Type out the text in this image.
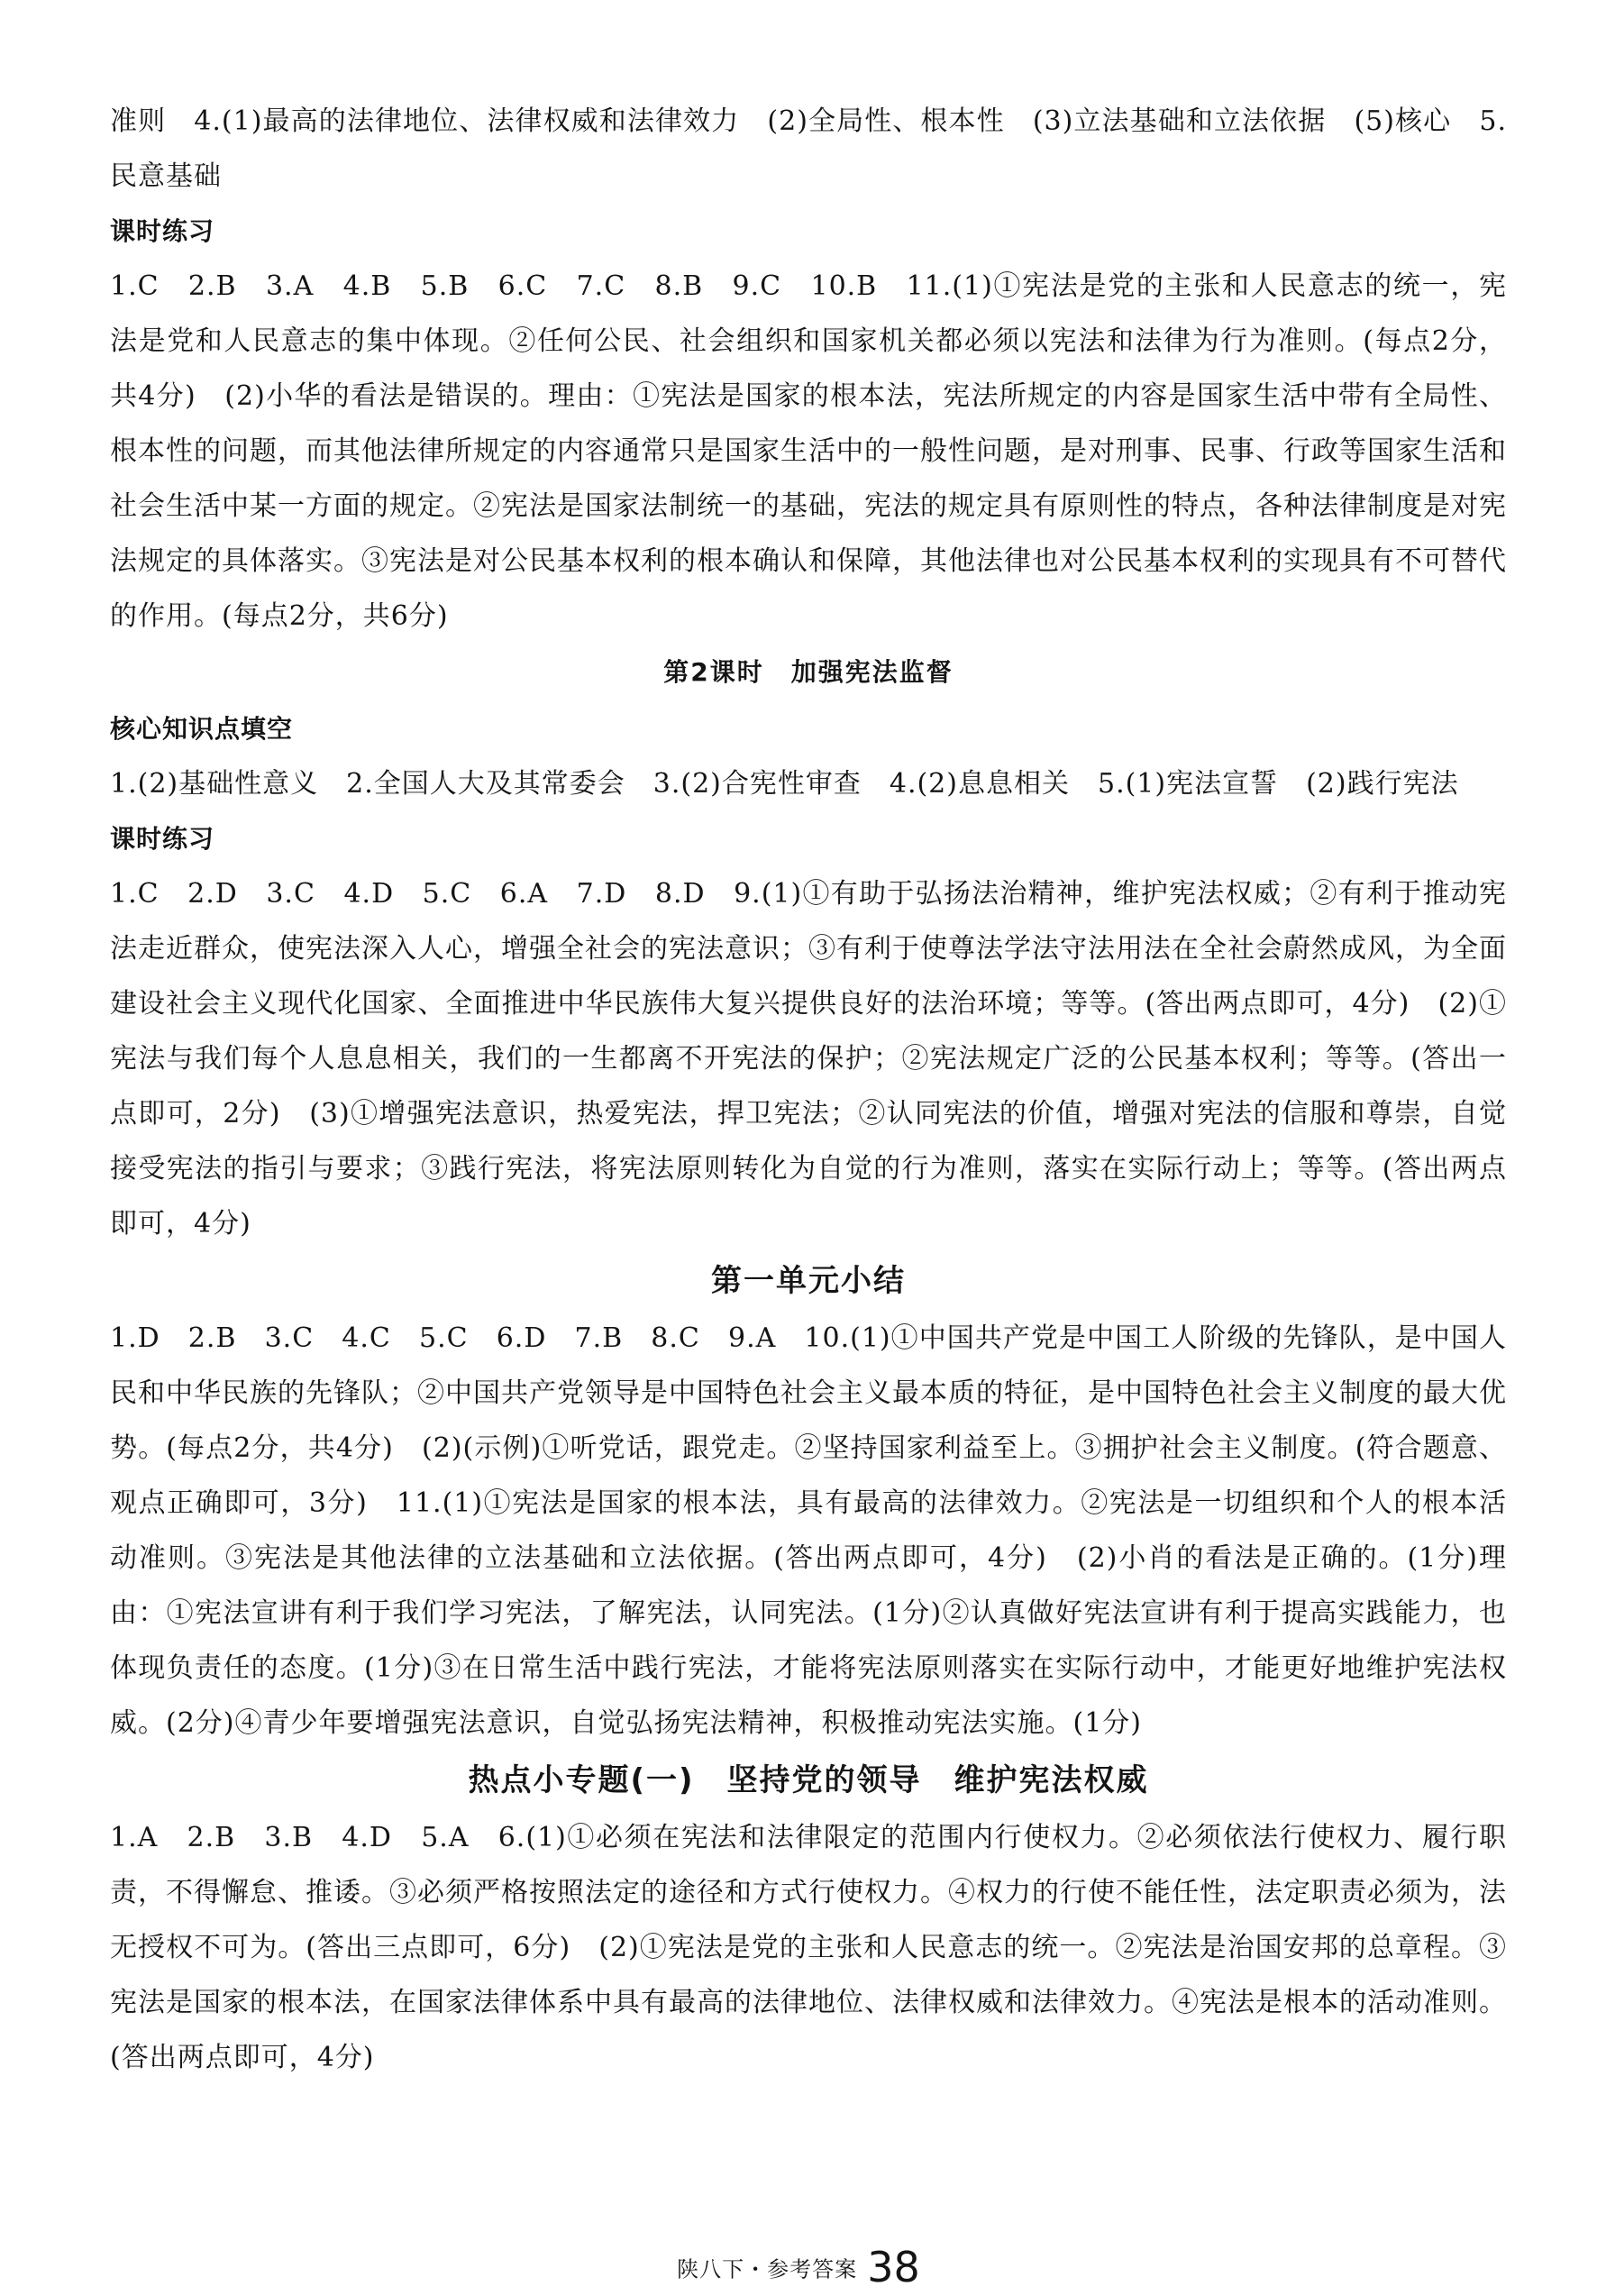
准则　4.(1)最高的法律地位、法律权威和法律效力　(2)全局性、根本性　(3)立法基础和立法依据　(5)核心　5.民意基础

课时练习

1.C　2.B　3.A　4.B　5.B　6.C　7.C　8.B　9.C　10.B　11.(1)①宪法是党的主张和人民意志的统一，宪法是党和人民意志的集中体现。②任何公民、社会组织和国家机关都必须以宪法和法律为行为准则。(每点2分，共4分)　(2)小华的看法是错误的。理由：①宪法是国家的根本法，宪法所规定的内容是国家生活中带有全局性、根本性的问题，而其他法律所规定的内容通常只是国家生活中的一般性问题，是对刑事、民事、行政等国家生活和社会生活中某一方面的规定。②宪法是国家法制统一的基础，宪法的规定具有原则性的特点，各种法律制度是对宪法规定的具体落实。③宪法是对公民基本权利的根本确认和保障，其他法律也对公民基本权利的实现具有不可替代的作用。(每点2分，共6分)

第2课时　加强宪法监督

核心知识点填空

1.(2)基础性意义　2.全国人大及其常委会　3.(2)合宪性审查　4.(2)息息相关　5.(1)宪法宣誓　(2)践行宪法

课时练习

1.C　2.D　3.C　4.D　5.C　6.A　7.D　8.D　9.(1)①有助于弘扬法治精神，维护宪法权威；②有利于推动宪法走近群众，使宪法深入人心，增强全社会的宪法意识；③有利于使尊法学法守法用法在全社会蔚然成风，为全面建设社会主义现代化国家、全面推进中华民族伟大复兴提供良好的法治环境；等等。(答出两点即可，4分)　(2)①宪法与我们每个人息息相关，我们的一生都离不开宪法的保护；②宪法规定广泛的公民基本权利；等等。(答出一点即可，2分)　(3)①增强宪法意识，热爱宪法，捍卫宪法；②认同宪法的价值，增强对宪法的信服和尊崇，自觉接受宪法的指引与要求；③践行宪法，将宪法原则转化为自觉的行为准则，落实在实际行动上；等等。(答出两点即可，4分)

第一单元小结

1.D　2.B　3.C　4.C　5.C　6.D　7.B　8.C　9.A　10.(1)①中国共产党是中国工人阶级的先锋队，是中国人民和中华民族的先锋队；②中国共产党领导是中国特色社会主义最本质的特征，是中国特色社会主义制度的最大优势。(每点2分，共4分)　(2)(示例)①听党话，跟党走。②坚持国家利益至上。③拥护社会主义制度。(符合题意、观点正确即可，3分)　11.(1)①宪法是国家的根本法，具有最高的法律效力。②宪法是一切组织和个人的根本活动准则。③宪法是其他法律的立法基础和立法依据。(答出两点即可，4分)　(2)小肖的看法是正确的。(1分)理由：①宪法宣讲有利于我们学习宪法，了解宪法，认同宪法。(1分)②认真做好宪法宣讲有利于提高实践能力，也体现负责任的态度。(1分)③在日常生活中践行宪法，才能将宪法原则落实在实际行动中，才能更好地维护宪法权威。(2分)④青少年要增强宪法意识，自觉弘扬宪法精神，积极推动宪法实施。(1分)

热点小专题(一)　坚持党的领导　维护宪法权威

1.A　2.B　3.B　4.D　5.A　6.(1)①必须在宪法和法律限定的范围内行使权力。②必须依法行使权力、履行职责，不得懈怠、推诿。③必须严格按照法定的途径和方式行使权力。④权力的行使不能任性，法定职责必须为，法无授权不可为。(答出三点即可，6分)　(2)①宪法是党的主张和人民意志的统一。②宪法是治国安邦的总章程。③宪法是国家的根本法，在国家法律体系中具有最高的法律地位、法律权威和法律效力。④宪法是根本的活动准则。(答出两点即可，4分)

陕八下・参考答案 38
